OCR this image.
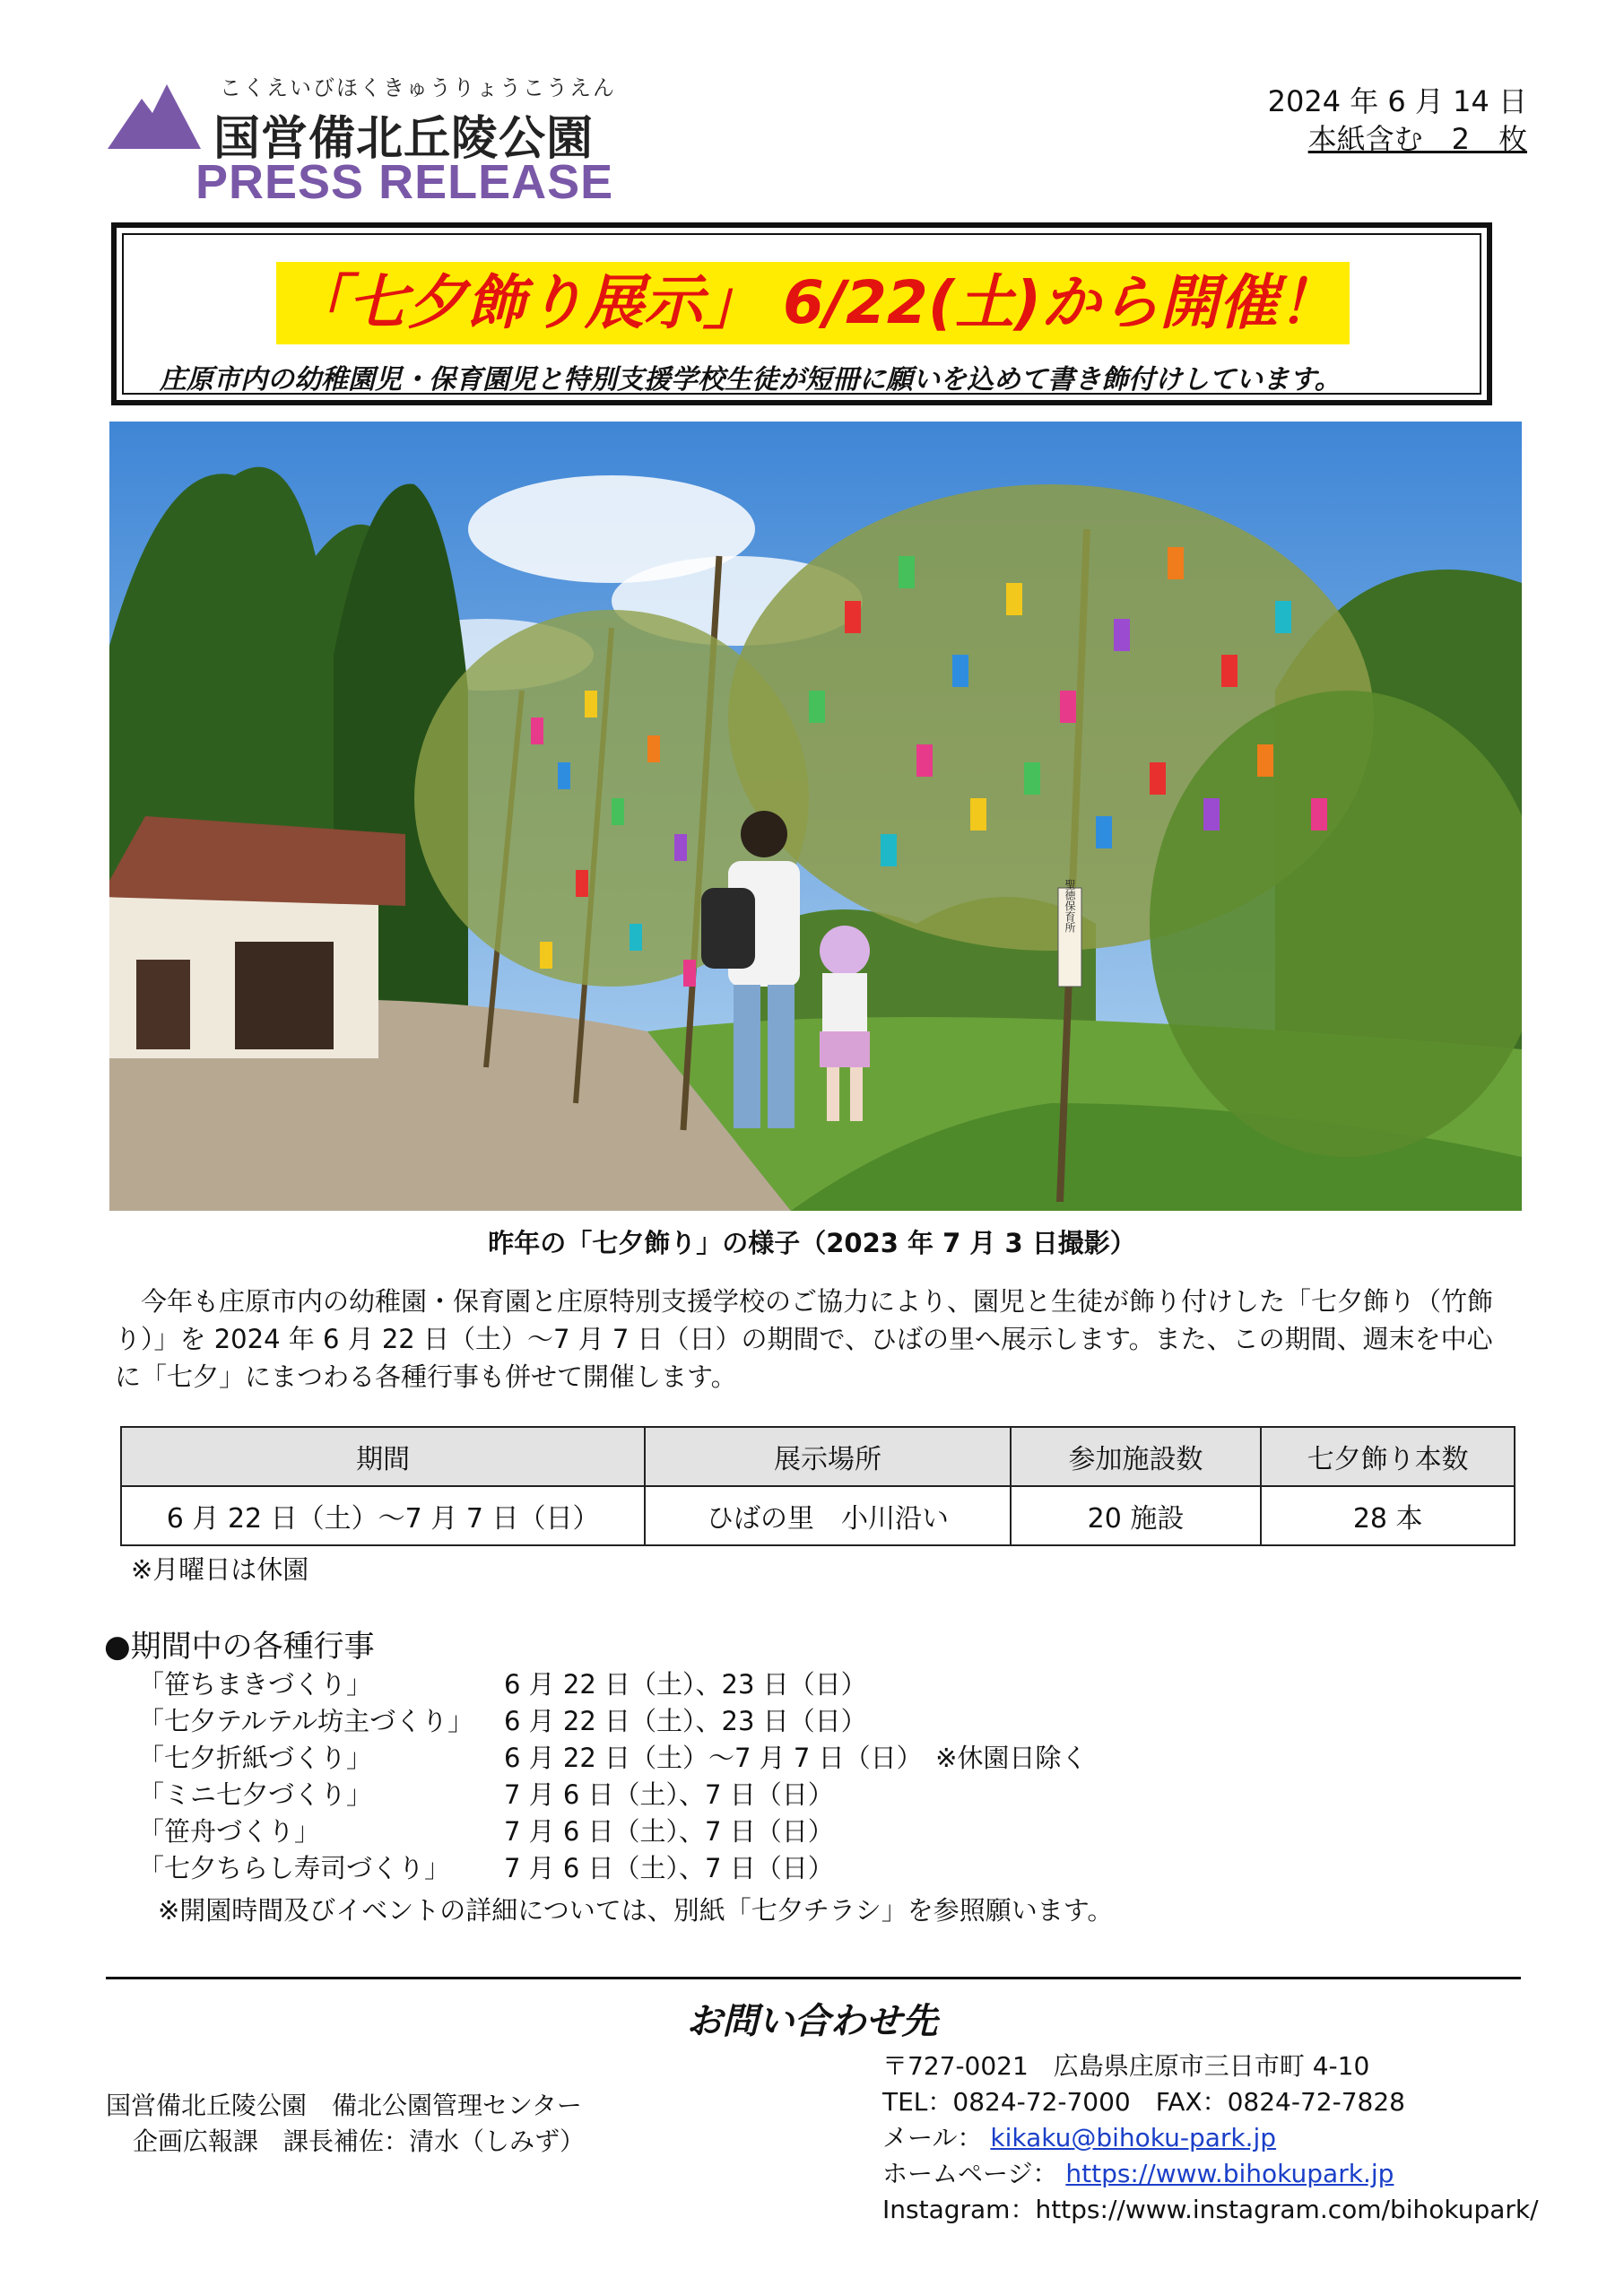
こくえいびほくきゅうりょうこうえん
国営備北丘陵公園
PRESS RELEASE
2024 年 6 月 14 日
本紙含む　2　枚
「七夕飾り展示」 6/22(土)から開催！
庄原市内の幼稚園児・保育園児と特別支援学校生徒が短冊に願いを込めて書き飾付けしています。
聖徳保育所
昨年の「七夕飾り」の様子（2023 年 7 月 3 日撮影）
　今年も庄原市内の幼稚園・保育園と庄原特別支援学校のご協力により、園児と生徒が飾り付けした「七夕飾り（竹飾り）」を 2024 年 6 月 22 日（土）～7 月 7 日（日）の期間で、ひばの里へ展示します。また、この期間、週末を中心に「七夕」にまつわる各種行事も併せて開催します。
期間	展示場所	参加施設数	七夕飾り本数
6 月 22 日（土）～7 月 7 日（日）	ひばの里　小川沿い	20 施設	28 本
※月曜日は休園
●期間中の各種行事
「笹ちまきづくり」	6 月 22 日（土）、23 日（日）
「七夕テルテル坊主づくり」 6 月 22 日（土）、23 日（日）
「七夕折紙づくり」	6 月 22 日（土）～7 月 7 日（日）　※休園日除く
「ミニ七夕づくり」	7 月 6 日（土）、7 日（日）
「笹舟づくり」	7 月 6 日（土）、7 日（日）
「七夕ちらし寿司づくり」 7 月 6 日（土）、7 日（日）
※開園時間及びイベントの詳細については、別紙「七夕チラシ」を参照願います。
お問い合わせ先
国営備北丘陵公園　備北公園管理センター
企画広報課　課長補佐：清水（しみず）
〒727-0021　広島県庄原市三日市町 4-10
TEL：0824-72-7000　FAX：0824-72-7828
メール： kikaku@bihoku-park.jp
ホームページ： https://www.bihokupark.jp
Instagram：https://www.instagram.com/bihokupark/
